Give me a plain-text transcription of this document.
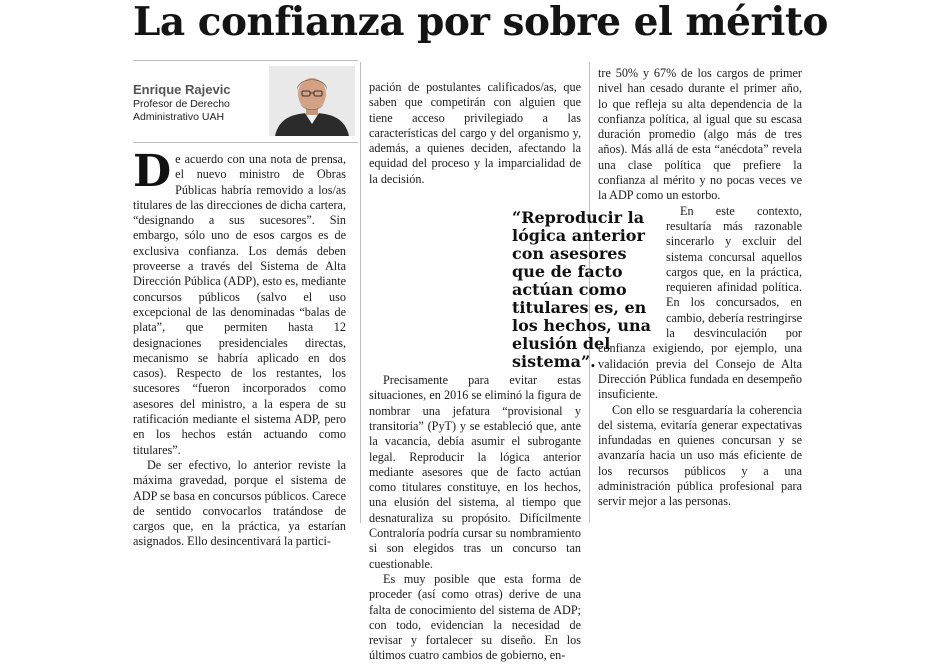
La confianza por sobre el mérito
Enrique Rajevic
Profesor de Derecho
Administrativo UAH

De acuerdo con una nota de prensa, el nuevo ministro de Obras Públicas habría removido a los/as titulares de las direcciones de dicha cartera, “designando a sus sucesores”. Sin embargo, sólo uno de esos cargos es de exclusiva confianza. Los demás deben proveerse a través del Sistema de Alta Dirección Pública (ADP), esto es, mediante concursos públicos (salvo el uso excepcional de las denominadas “balas de plata”, que permiten hasta 12 designaciones presidenciales directas, mecanismo se habría aplicado en dos casos). Respecto de los restantes, los sucesores “fueron incorporados como asesores del ministro, a la espera de su ratificación mediante el sistema ADP, pero en los hechos están actuando como titulares”.

De ser efectivo, lo anterior reviste la máxima gravedad, porque el sistema de ADP se basa en concursos públicos. Carece de sentido convocarlos tratándose de cargos que, en la práctica, ya estarían asignados. Ello desincentivará la partici-

pación de postulantes calificados/as, que saben que competirán con alguien que tiene acceso privilegiado a las características del cargo y del organismo y, además, a quienes deciden, afectando la equidad del proceso y la imparcialidad de la decisión.

Precisamente para evitar estas situaciones, en 2016 se eliminó la figura de nombrar una jefatura “provisional y transitoria” (PyT) y se estableció que, ante la vacancia, debía asumir el subrogante legal. Reproducir la lógica anterior mediante asesores que de facto actúan como titulares constituye, en los hechos, una elusión del sistema, al tiempo que desnaturaliza su propósito. Difícilmente Contraloría podría cursar su nombramiento si son elegidos tras un concurso tan cuestionable.

Es muy posible que esta forma de proceder (así como otras) derive de una falta de conocimiento del sistema de ADP; con todo, evidencian la necesidad de revisar y fortalecer su diseño. En los últimos cuatro cambios de gobierno, en-

“Reproducir la lógica anterior con asesores que de facto actúan como titulares es, en los hechos, una elusión del sistema”.

tre 50% y 67% de los cargos de primer nivel han cesado durante el primer año, lo que refleja su alta dependencia de la confianza política, al igual que su escasa duración promedio (algo más de tres años). Más allá de esta “anécdota” revela una clase política que prefiere la confianza al mérito y no pocas veces ve la ADP como un estorbo.

En este contexto, resultaría más razonable sincerarlo y excluir del sistema concursal aquellos cargos que, en la práctica, requieren afinidad política. En los concursados, en cambio, debería restringirse la desvinculación por confianza exigiendo, por ejemplo, una validación previa del Consejo de Alta Dirección Pública fundada en desempeño insuficiente.

Con ello se resguardaría la coherencia del sistema, evitaría generar expectativas infundadas en quienes concursan y se avanzaría hacia un uso más eficiente de los recursos públicos y a una administración pública profesional para servir mejor a las personas.
